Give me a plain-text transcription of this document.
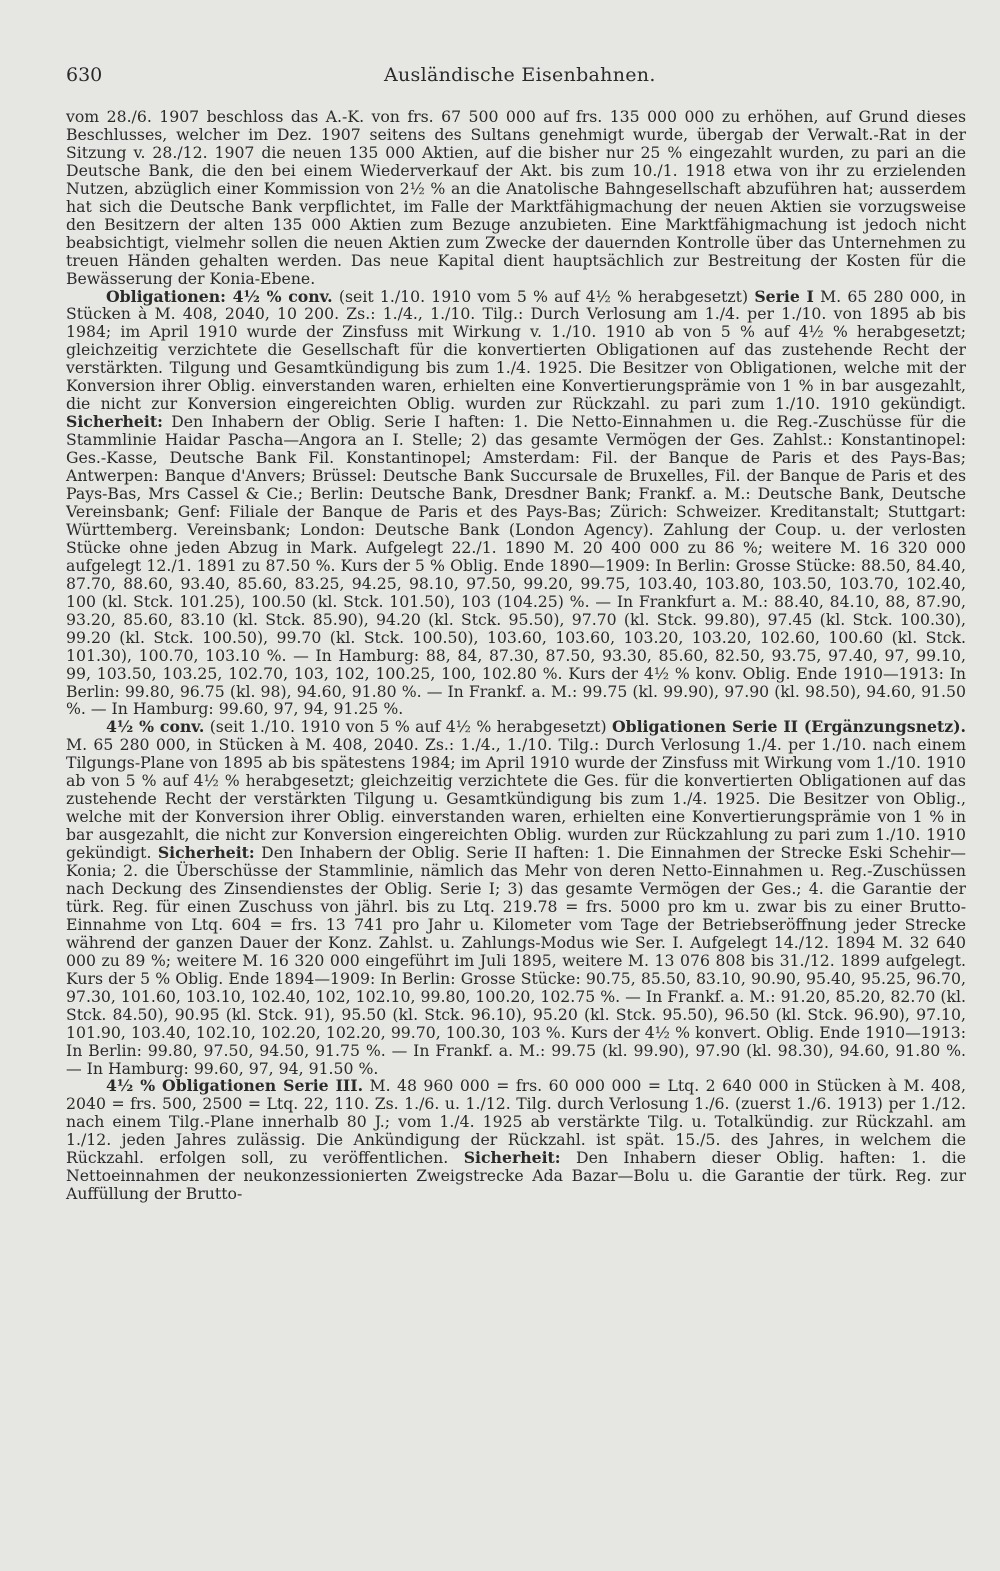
630	Ausländische Eisenbahnen.

vom 28./6. 1907 beschloss das A.-K. von frs. 67 500 000 auf frs. 135 000 000 zu erhöhen, auf Grund dieses Beschlusses, welcher im Dez. 1907 seitens des Sultans genehmigt wurde, übergab der Verwalt.-Rat in der Sitzung v. 28./12. 1907 die neuen 135 000 Aktien, auf die bisher nur 25 % eingezahlt wurden, zu pari an die Deutsche Bank, die den bei einem Wiederverkauf der Akt. bis zum 10./1. 1918 etwa von ihr zu erzielenden Nutzen, abzüglich einer Kommission von 2½ % an die Anatolische Bahngesellschaft abzuführen hat; ausserdem hat sich die Deutsche Bank verpflichtet, im Falle der Marktfähigmachung der neuen Aktien sie vorzugsweise den Besitzern der alten 135 000 Aktien zum Bezuge anzubieten. Eine Marktfähigmachung ist jedoch nicht beabsichtigt, vielmehr sollen die neuen Aktien zum Zwecke der dauernden Kontrolle über das Unternehmen zu treuen Händen gehalten werden. Das neue Kapital dient hauptsächlich zur Bestreitung der Kosten für die Bewässerung der Konia-Ebene.

Obligationen: 4½ % conv. (seit 1./10. 1910 vom 5 % auf 4½ % herabgesetzt) Serie I M. 65 280 000, in Stücken à M. 408, 2040, 10 200. Zs.: 1./4., 1./10. Tilg.: Durch Verlosung am 1./4. per 1./10. von 1895 ab bis 1984; im April 1910 wurde der Zinsfuss mit Wirkung v. 1./10. 1910 ab von 5 % auf 4½ % herabgesetzt; gleichzeitig verzichtete die Gesellschaft für die konvertierten Obligationen auf das zustehende Recht der verstärkten. Tilgung und Gesamtkündigung bis zum 1./4. 1925. Die Besitzer von Obligationen, welche mit der Konversion ihrer Oblig. einverstanden waren, erhielten eine Konvertierungsprämie von 1 % in bar ausgezahlt, die nicht zur Konversion eingereichten Oblig. wurden zur Rückzahl. zu pari zum 1./10. 1910 gekündigt. Sicherheit: Den Inhabern der Oblig. Serie I haften: 1. Die Netto-Einnahmen u. die Reg.-Zuschüsse für die Stammlinie Haidar Pascha—Angora an I. Stelle; 2) das gesamte Vermögen der Ges. Zahlst.: Konstantinopel: Ges.-Kasse, Deutsche Bank Fil. Konstantinopel; Amsterdam: Fil. der Banque de Paris et des Pays-Bas; Antwerpen: Banque d'Anvers; Brüssel: Deutsche Bank Succursale de Bruxelles, Fil. der Banque de Paris et des Pays-Bas, Mrs Cassel & Cie.; Berlin: Deutsche Bank, Dresdner Bank; Frankf. a. M.: Deutsche Bank, Deutsche Vereinsbank; Genf: Filiale der Banque de Paris et des Pays-Bas; Zürich: Schweizer. Kreditanstalt; Stuttgart: Württemberg. Vereinsbank; London: Deutsche Bank (London Agency). Zahlung der Coup. u. der verlosten Stücke ohne jeden Abzug in Mark. Aufgelegt 22./1. 1890 M. 20 400 000 zu 86 %; weitere M. 16 320 000 aufgelegt 12./1. 1891 zu 87.50 %. Kurs der 5 % Oblig. Ende 1890—1909: In Berlin: Grosse Stücke: 88.50, 84.40, 87.70, 88.60, 93.40, 85.60, 83.25, 94.25, 98.10, 97.50, 99.20, 99.75, 103.40, 103.80, 103.50, 103.70, 102.40, 100 (kl. Stck. 101.25), 100.50 (kl. Stck. 101.50), 103 (104.25) %. — In Frankfurt a. M.: 88.40, 84.10, 88, 87.90, 93.20, 85.60, 83.10 (kl. Stck. 85.90), 94.20 (kl. Stck. 95.50), 97.70 (kl. Stck. 99.80), 97.45 (kl. Stck. 100.30), 99.20 (kl. Stck. 100.50), 99.70 (kl. Stck. 100.50), 103.60, 103.60, 103.20, 103.20, 102.60, 100.60 (kl. Stck. 101.30), 100.70, 103.10 %. — In Hamburg: 88, 84, 87.30, 87.50, 93.30, 85.60, 82.50, 93.75, 97.40, 97, 99.10, 99, 103.50, 103.25, 102.70, 103, 102, 100.25, 100, 102.80 %. Kurs der 4½ % konv. Oblig. Ende 1910—1913: In Berlin: 99.80, 96.75 (kl. 98), 94.60, 91.80 %. — In Frankf. a. M.: 99.75 (kl. 99.90), 97.90 (kl. 98.50), 94.60, 91.50 %. — In Hamburg: 99.60, 97, 94, 91.25 %.

4½ % conv. (seit 1./10. 1910 von 5 % auf 4½ % herabgesetzt) Obligationen Serie II (Ergänzungsnetz). M. 65 280 000, in Stücken à M. 408, 2040. Zs.: 1./4., 1./10. Tilg.: Durch Verlosung 1./4. per 1./10. nach einem Tilgungs-Plane von 1895 ab bis spätestens 1984; im April 1910 wurde der Zinsfuss mit Wirkung vom 1./10. 1910 ab von 5 % auf 4½ % herabgesetzt; gleichzeitig verzichtete die Ges. für die konvertierten Obligationen auf das zustehende Recht der verstärkten Tilgung u. Gesamtkündigung bis zum 1./4. 1925. Die Besitzer von Oblig., welche mit der Konversion ihrer Oblig. einverstanden waren, erhielten eine Konvertierungsprämie von 1 % in bar ausgezahlt, die nicht zur Konversion eingereichten Oblig. wurden zur Rückzahlung zu pari zum 1./10. 1910 gekündigt. Sicherheit: Den Inhabern der Oblig. Serie II haften: 1. Die Einnahmen der Strecke Eski Schehir—Konia; 2. die Überschüsse der Stammlinie, nämlich das Mehr von deren Netto-Einnahmen u. Reg.-Zuschüssen nach Deckung des Zinsendienstes der Oblig. Serie I; 3) das gesamte Vermögen der Ges.; 4. die Garantie der türk. Reg. für einen Zuschuss von jährl. bis zu Ltq. 219.78 = frs. 5000 pro km u. zwar bis zu einer Brutto-Einnahme von Ltq. 604 = frs. 13 741 pro Jahr u. Kilometer vom Tage der Betriebseröffnung jeder Strecke während der ganzen Dauer der Konz. Zahlst. u. Zahlungs-Modus wie Ser. I. Aufgelegt 14./12. 1894 M. 32 640 000 zu 89 %; weitere M. 16 320 000 eingeführt im Juli 1895, weitere M. 13 076 808 bis 31./12. 1899 aufgelegt. Kurs der 5 % Oblig. Ende 1894—1909: In Berlin: Grosse Stücke: 90.75, 85.50, 83.10, 90.90, 95.40, 95.25, 96.70, 97.30, 101.60, 103.10, 102.40, 102, 102.10, 99.80, 100.20, 102.75 %. — In Frankf. a. M.: 91.20, 85.20, 82.70 (kl. Stck. 84.50), 90.95 (kl. Stck. 91), 95.50 (kl. Stck. 96.10), 95.20 (kl. Stck. 95.50), 96.50 (kl. Stck. 96.90), 97.10, 101.90, 103.40, 102.10, 102.20, 102.20, 99.70, 100.30, 103 %. Kurs der 4½ % konvert. Oblig. Ende 1910—1913: In Berlin: 99.80, 97.50, 94.50, 91.75 %. — In Frankf. a. M.: 99.75 (kl. 99.90), 97.90 (kl. 98.30), 94.60, 91.80 %. — In Hamburg: 99.60, 97, 94, 91.50 %.

4½ % Obligationen Serie III. M. 48 960 000 = frs. 60 000 000 = Ltq. 2 640 000 in Stücken à M. 408, 2040 = frs. 500, 2500 = Ltq. 22, 110. Zs. 1./6. u. 1./12. Tilg. durch Verlosung 1./6. (zuerst 1./6. 1913) per 1./12. nach einem Tilg.-Plane innerhalb 80 J.; vom 1./4. 1925 ab verstärkte Tilg. u. Totalkündig. zur Rückzahl. am 1./12. jeden Jahres zulässig. Die Ankündigung der Rückzahl. ist spät. 15./5. des Jahres, in welchem die Rückzahl. erfolgen soll, zu veröffentlichen. Sicherheit: Den Inhabern dieser Oblig. haften: 1. die Nettoeinnahmen der neukonzessionierten Zweigstrecke Ada Bazar—Bolu u. die Garantie der türk. Reg. zur Auffüllung der Brutto-
